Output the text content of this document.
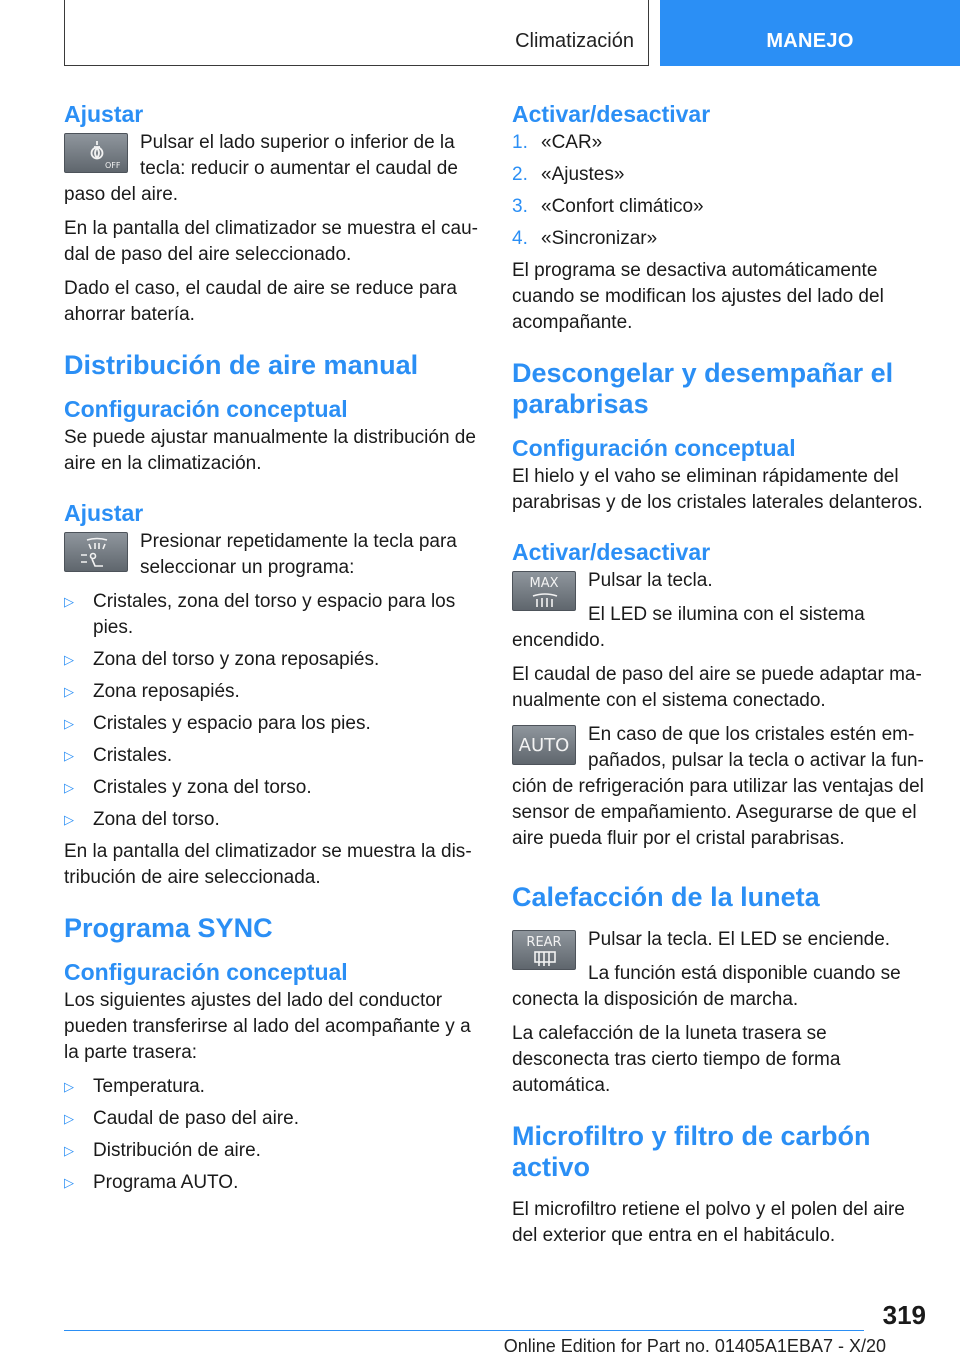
Climatización	MANEJO
Ajustar
OFF
Pulsar el lado superior o inferior de la tecla: reducir o aumentar el caudal de paso del aire.
En la pantalla del climatizador se muestra el caudal de paso del aire seleccionado.
Dado el caso, el caudal de aire se reduce para ahorrar batería.
Distribución de aire manual
Configuración conceptual
Se puede ajustar manualmente la distribución de aire en la climatización.
Ajustar
Presionar repetidamente la tecla para seleccionar un programa:
▷ Cristales, zona del torso y espacio para los pies.
▷ Zona del torso y zona reposapiés.
▷ Zona reposapiés.
▷ Cristales y espacio para los pies.
▷ Cristales.
▷ Cristales y zona del torso.
▷ Zona del torso.
En la pantalla del climatizador se muestra la distribución de aire seleccionada.
Programa SYNC
Configuración conceptual
Los siguientes ajustes del lado del conductor pueden transferirse al lado del acompañante y a la parte trasera:
▷ Temperatura.
▷ Caudal de paso del aire.
▷ Distribución de aire.
▷ Programa AUTO.
Activar/desactivar
1. «CAR»
2. «Ajustes»
3. «Confort climático»
4. «Sincronizar»
El programa se desactiva automáticamente cuando se modifican los ajustes del lado del acompañante.
Descongelar y desempañar el parabrisas
Configuración conceptual
El hielo y el vaho se eliminan rápidamente del parabrisas y de los cristales laterales delanteros.
Activar/desactivar
MAX	Pulsar la tecla.
El LED se ilumina con el sistema encendido.
El caudal de paso del aire se puede adaptar manualmente con el sistema conectado.
AUTO
En caso de que los cristales estén empañados, pulsar la tecla o activar la función de refrigeración para utilizar las ventajas del sensor de empañamiento. Asegurarse de que el aire pueda fluir por el cristal parabrisas.
Calefacción de la luneta
REAR	Pulsar la tecla. El LED se enciende.
La función está disponible cuando se conecta la disposición de marcha.
La calefacción de la luneta trasera se desconecta tras cierto tiempo de forma automática.
Microfiltro y filtro de carbón activo
El microfiltro retiene el polvo y el polen del aire del exterior que entra en el habitáculo.
319
Online Edition for Part no. 01405A1EBA7 - X/20
